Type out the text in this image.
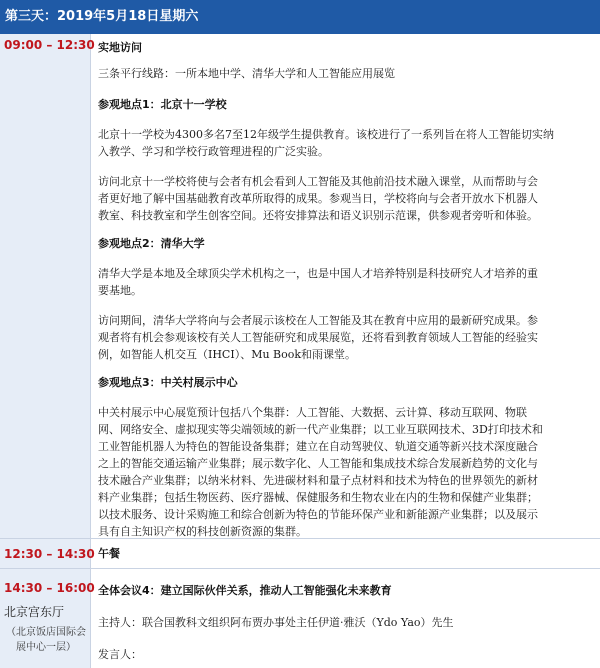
第三天：2019年5月18日星期六
09:00 – 12:30 实地访问
三条平行线路：一所本地中学、清华大学和人工智能应用展览
参观地点1：北京十一学校
北京十一学校为4300多名7至12年级学生提供教育。该校进行了一系列旨在将人工智能切实纳
入教学、学习和学校行政管理进程的广泛实验。
访问北京十一学校将使与会者有机会看到人工智能及其他前沿技术融入课堂，从而帮助与会
者更好地了解中国基础教育改革所取得的成果。参观当日，学校将向与会者开放水下机器人
教室、科技教室和学生创客空间。还将安排算法和语义识别示范课，供参观者旁听和体验。
参观地点2：清华大学
清华大学是本地及全球顶尖学术机构之一，也是中国人才培养特别是科技研究人才培养的重
要基地。
访问期间，清华大学将向与会者展示该校在人工智能及其在教育中应用的最新研究成果。参
观者将有机会参观该校有关人工智能研究和成果展览，还将看到教育领域人工智能的经验实
例，如智能人机交互（IHCI）、Mu Book和雨课堂。
参观地点3：中关村展示中心
中关村展示中心展览预计包括八个集群：人工智能、大数据、云计算、移动互联网、物联
网、网络安全、虚拟现实等尖端领域的新一代产业集群；以工业互联网技术、3D打印技术和
工业智能机器人为特色的智能设备集群；建立在自动驾驶仪、轨道交通等新兴技术深度融合
之上的智能交通运输产业集群；展示数字化、人工智能和集成技术综合发展新趋势的文化与
技术融合产业集群；以纳米材料、先进碳材料和量子点材料和技术为特色的世界领先的新材
料产业集群；包括生物医药、医疗器械、保健服务和生物农业在内的生物和保健产业集群；
以技术服务、设计采购施工和综合创新为特色的节能环保产业和新能源产业集群；以及展示
具有自主知识产权的科技创新资源的集群。
12:30 – 14:30 午餐
14:30 – 16:00
北京宫东厅
（北京饭店国际会展中心一层）
全体会议4：建立国际伙伴关系，推动人工智能强化未来教育
主持人：联合国教科文组织阿布贾办事处主任伊道·雅沃（Ydo Yao）先生
发言人：
